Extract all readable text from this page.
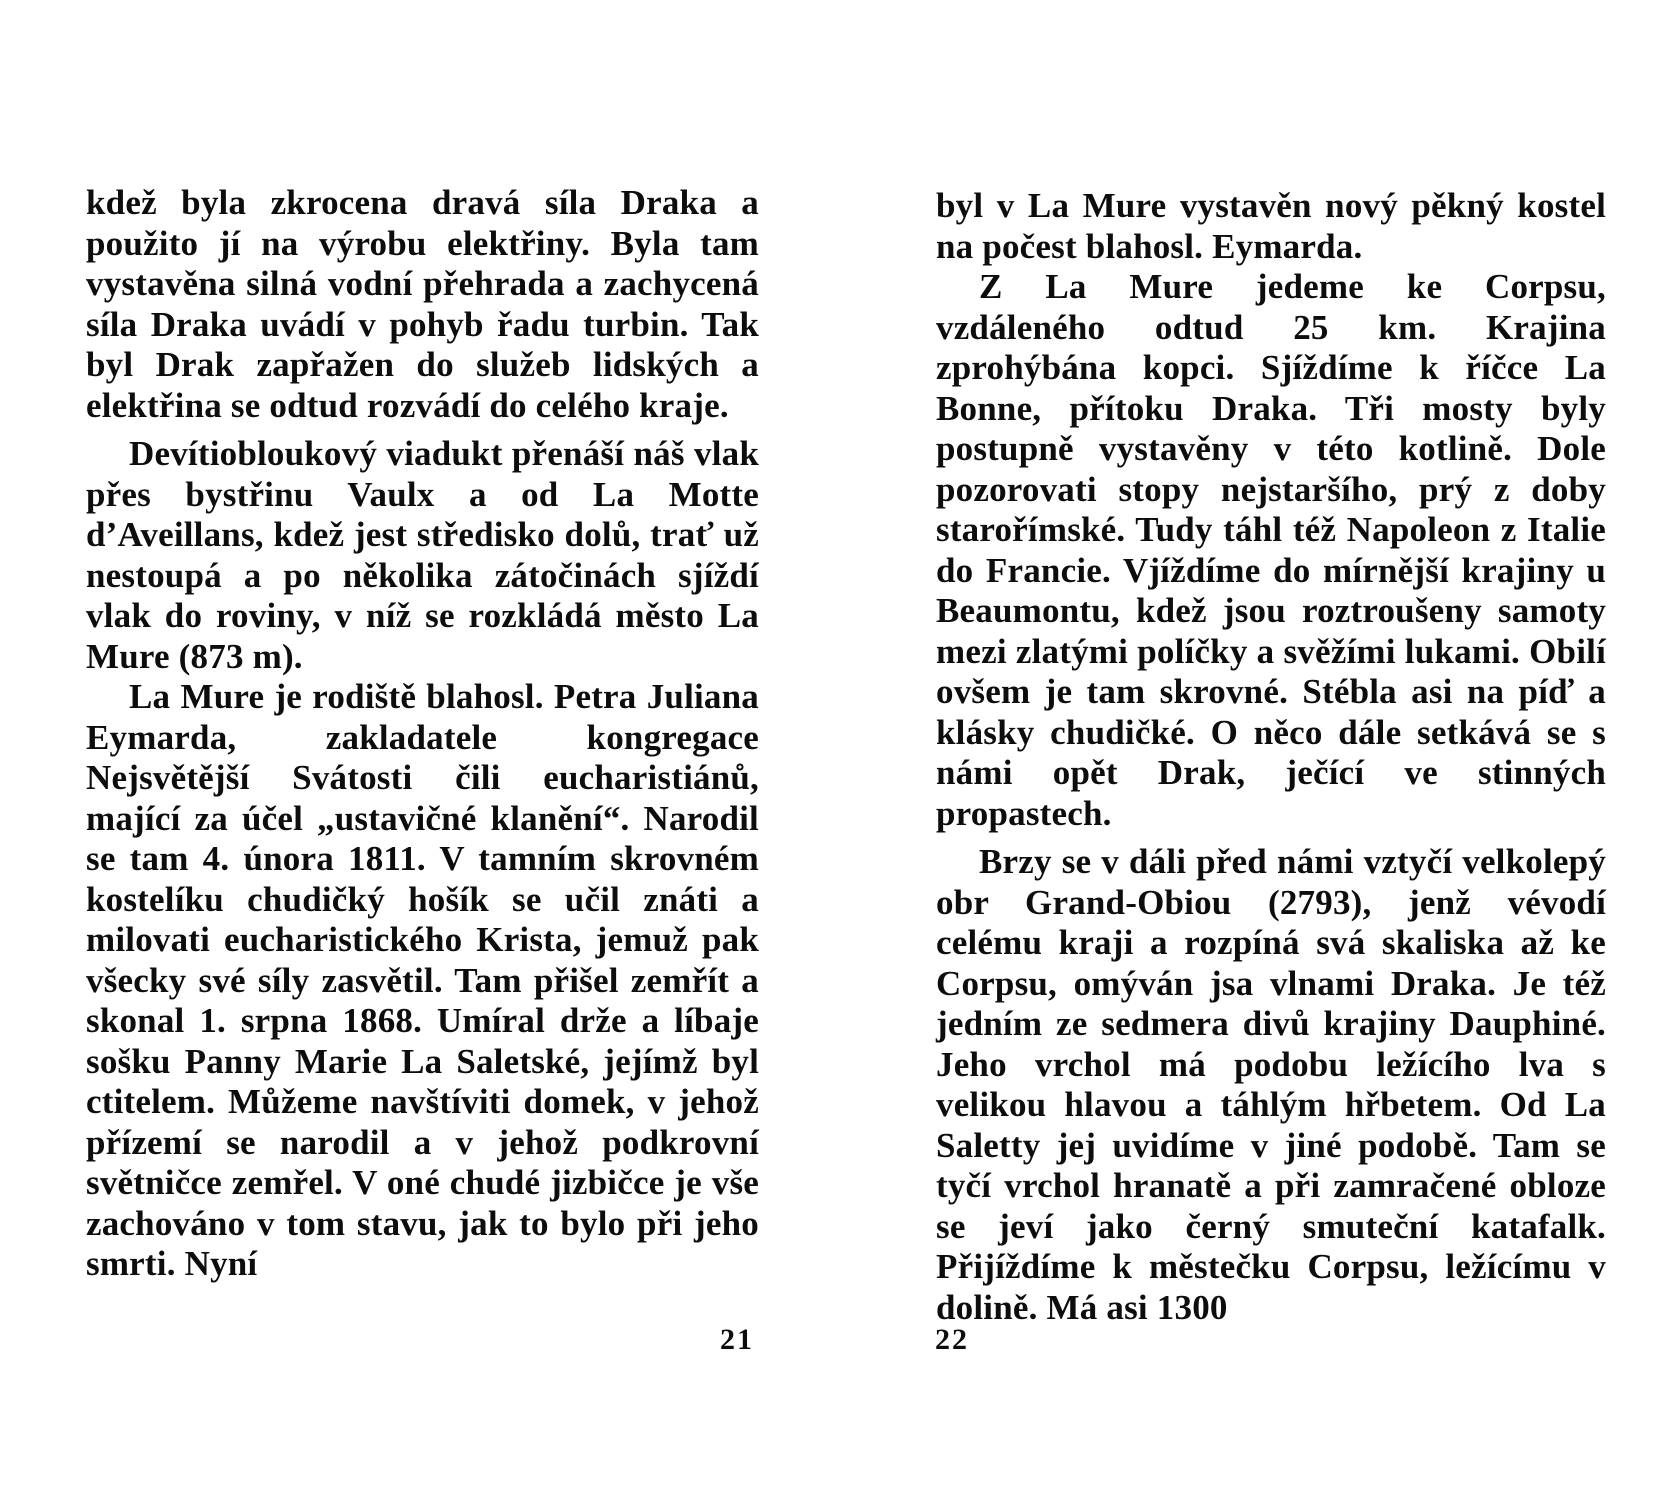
kdež byla zkrocena dravá síla Draka a použito jí na výrobu elektřiny. Byla tam vystavěna silná vodní přehrada a zachycená síla Draka uvádí v pohyb řadu turbin. Tak byl Drak zapřažen do služeb lidských a elektřina se odtud rozvádí do celého kraje.

Devítiobloukový viadukt přenáší náš vlak přes bystřinu Vaulx a od La Motte d’Aveillans, kdež jest středisko dolů, trať už nestoupá a po několika zátočinách sjíždí vlak do roviny, v níž se rozkládá město La Mure (873 m).

La Mure je rodiště blahosl. Petra Juliana Eymarda, zakladatele kongregace Nejsvětější Svátosti čili eucharistiánů, mající za účel „ustavičné klanění“. Narodil se tam 4. února 1811. V tamním skrovném kostelíku chudičký hošík se učil znáti a milovati eucharistického Krista, jemuž pak všecky své síly zasvětil. Tam přišel zemřít a skonal 1. srpna 1868. Umíral drže a líbaje sošku Panny Marie La Saletské, jejímž byl ctitelem. Můžeme navštíviti domek, v jehož přízemí se narodil a v jehož podkrovní světničce zemřel. V oné chudé jizbičce je vše zachováno v tom stavu, jak to bylo při jeho smrti. Nyní

21

byl v La Mure vystavěn nový pěkný kostel na počest blahosl. Eymarda.

Z La Mure jedeme ke Corpsu, vzdáleného odtud 25 km. Krajina zprohýbána kopci. Sjíždíme k říčce La Bonne, přítoku Draka. Tři mosty byly postupně vystavěny v této kotlině. Dole pozorovati stopy nejstaršího, prý z doby starořímské. Tudy táhl též Napoleon z Italie do Francie. Vjíždíme do mírnější krajiny u Beaumontu, kdež jsou roztroušeny samoty mezi zlatými políčky a svěžími lukami. Obilí ovšem je tam skrovné. Stébla asi na píď a klásky chudičké. O něco dále setkává se s námi opět Drak, ječící ve stinných propastech.

Brzy se v dáli před námi vztyčí velkolepý obr Grand-Obiou (2793), jenž vévodí celému kraji a rozpíná svá skaliska až ke Corpsu, omýván jsa vlnami Draka. Je též jedním ze sedmera divů krajiny Dauphiné. Jeho vrchol má podobu ležícího lva s velikou hlavou a táhlým hřbetem. Od La Saletty jej uvidíme v jiné podobě. Tam se tyčí vrchol hranatě a při zamračené obloze se jeví jako černý smuteční katafalk. Přijíždíme k městečku Corpsu, ležícímu v dolině. Má asi 1300

22
